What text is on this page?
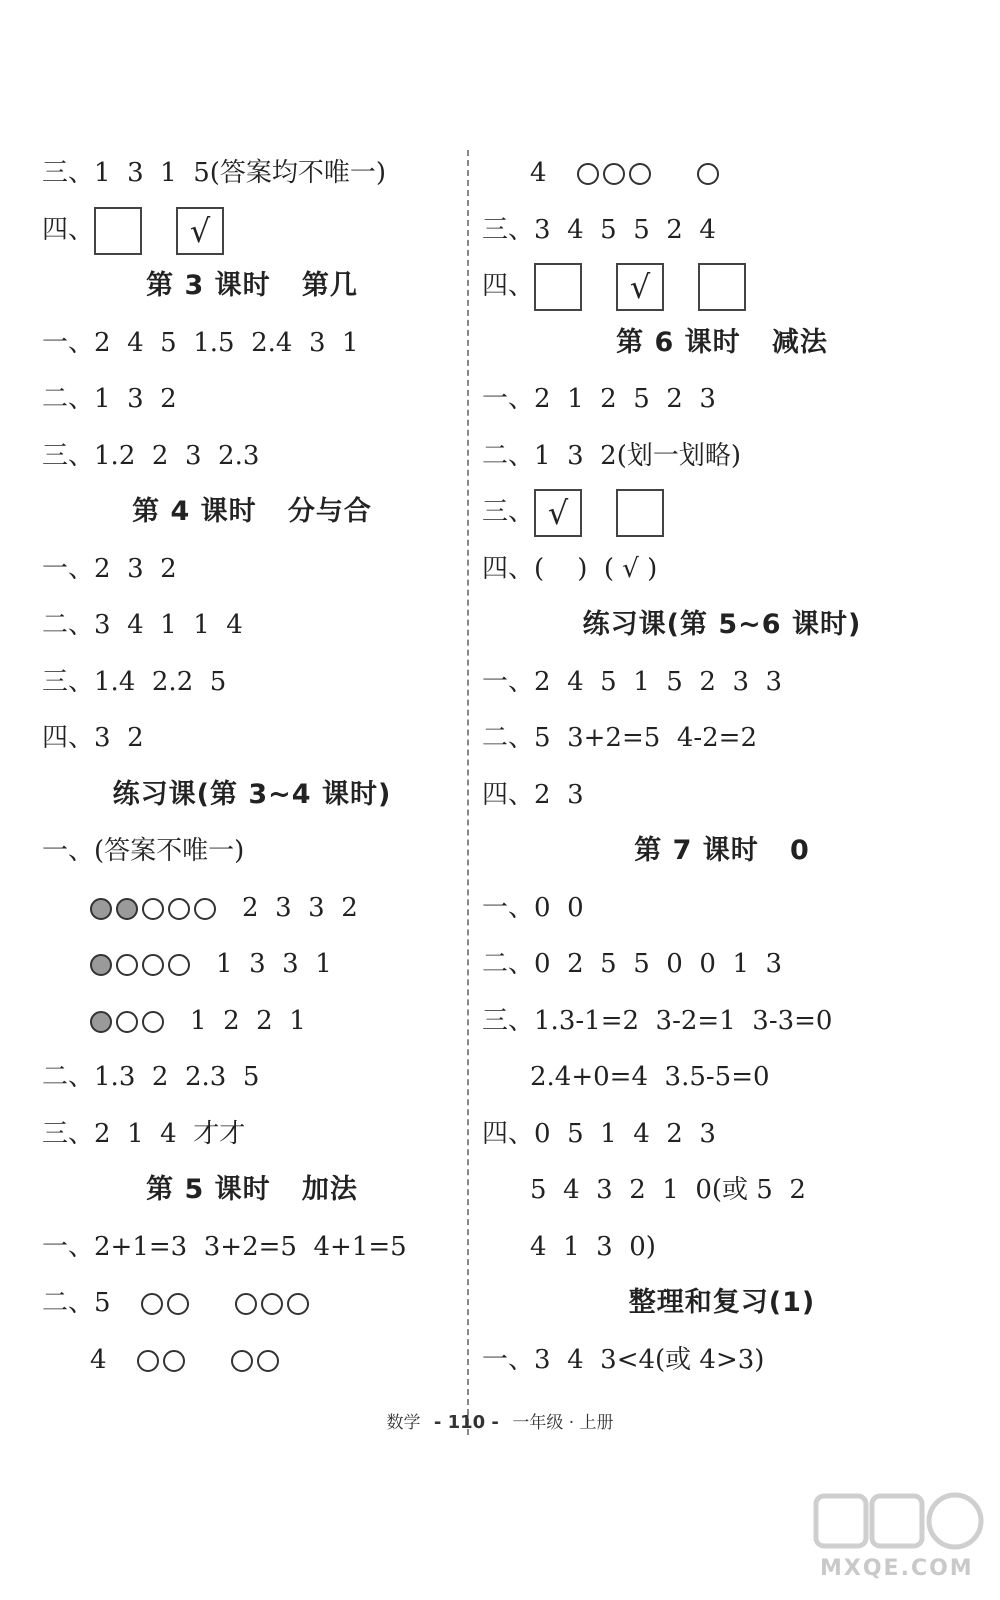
三、1  3  1  5(答案均不唯一)
四、	√
第 3 课时   第几
一、2  4  5  1.5  2.4  3  1
二、1  3  2
三、1.2  2  3  2.3
第 4 课时   分与合
一、2  3  2
二、3  4  1  1  4
三、1.4  2.2  5
四、3  2
练习课(第 3~4 课时)
一、(答案不唯一)
2  3  3  2
1  3  3  1
1  2  2  1
二、1.3  2  2.3  5
三、2  1  4  才才
第 5 课时   加法
一、2+1=3  3+2=5  4+1=5
二、5
4
4
三、3  4  5  5  2  4
四、	√
第 6 课时   减法
一、2  1  2  5  2  3
二、1  3  2(划一划略)
三、 √
四、(    )  ( √ )
练习课(第 5~6 课时)
一、2  4  5  1  5  2  3  3
二、5  3+2=5  4-2=2
四、2  3
第 7 课时   0
一、0  0
二、0  2  5  5  0  0  1  3
三、1.3-1=2  3-2=1  3-3=0
2.4+0=4  3.5-5=0
四、0  5  1  4  2  3
5  4  3  2  1  0(或 5  2
4  1  3  0)
整理和复习(1)
一、3  4  3<4(或 4>3)
数学 - 110 - 一年级 · 上册
MXQE.COM
